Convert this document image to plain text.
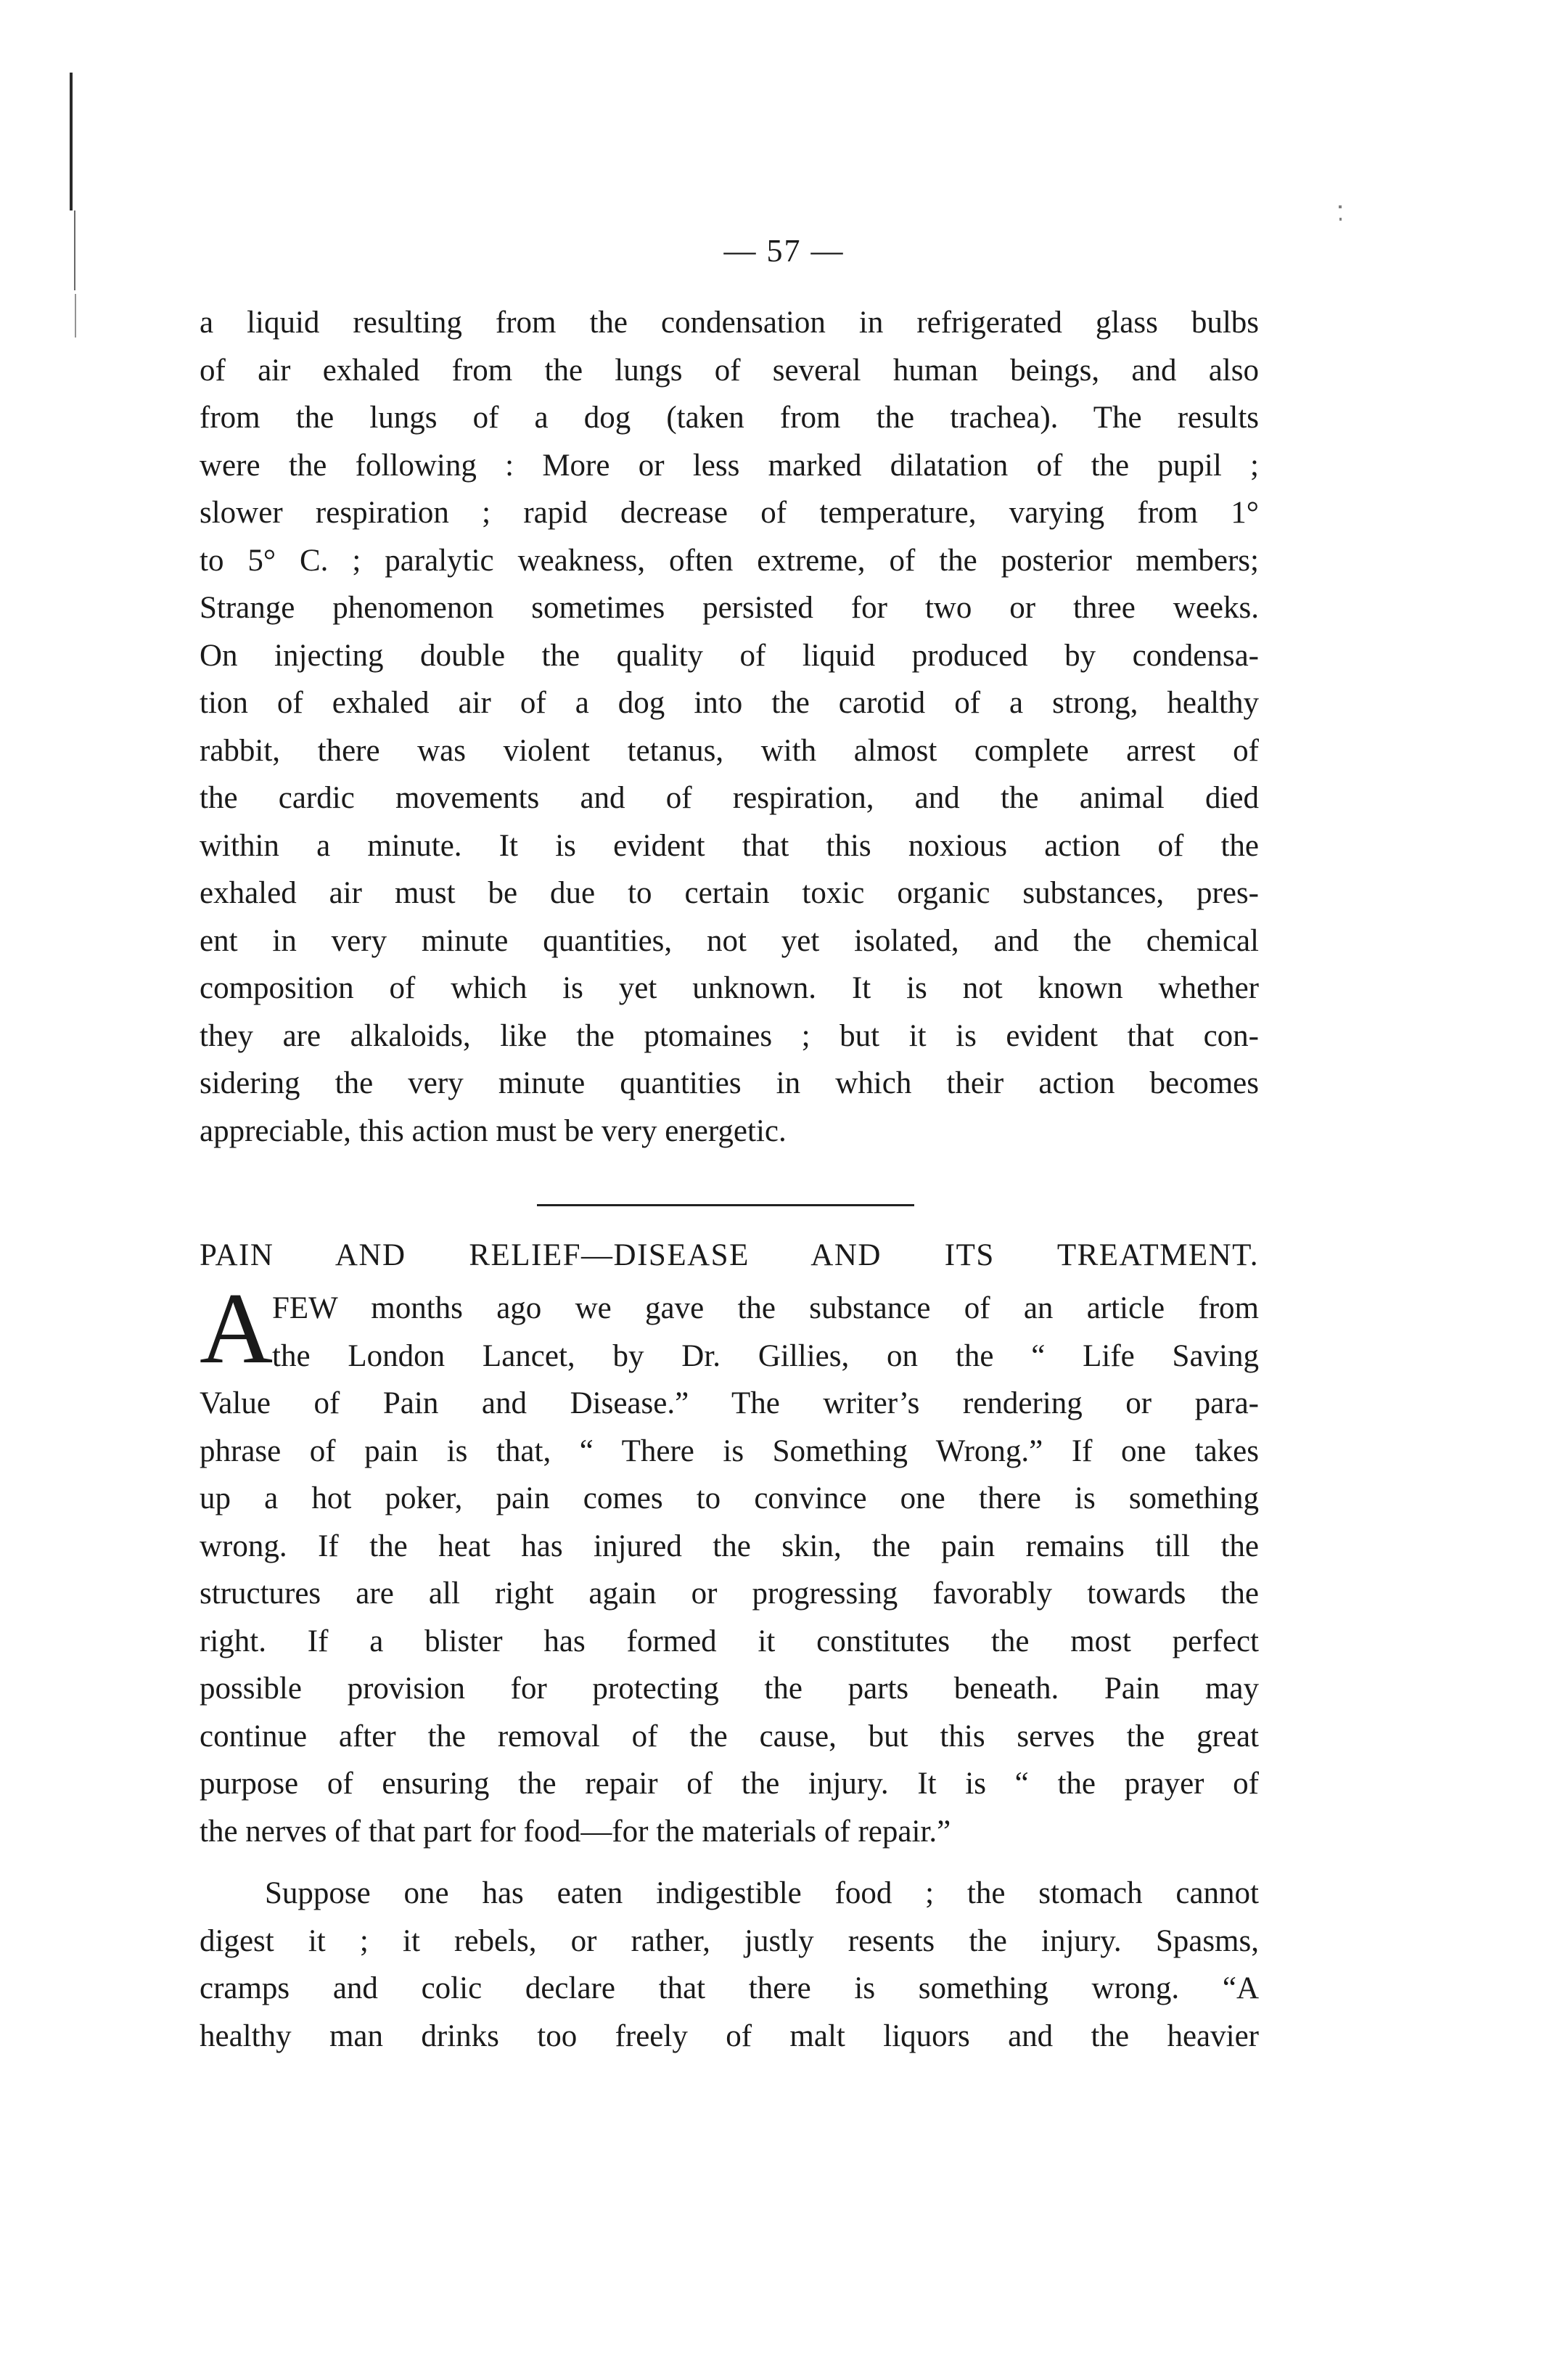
— 57 —
a liquid resulting from the condensation in refrigerated glass bulbs
of air exhaled from the lungs of several human beings, and also
from the lungs of a dog (taken from the trachea). The results
were the following : More or less marked dilatation of the pupil ;
slower respiration ; rapid decrease of temperature, varying from 1°
to 5° C. ; paralytic weakness, often extreme, of the posterior members;
Strange phenomenon sometimes persisted for two or three weeks.
On injecting double the quality of liquid produced by condensa-
tion of exhaled air of a dog into the carotid of a strong, healthy
rabbit, there was violent tetanus, with almost complete arrest of
the cardic movements and of respiration, and the animal died
within a minute. It is evident that this noxious action of the
exhaled air must be due to certain toxic organic substances, pres-
ent in very minute quantities, not yet isolated, and the chemical
composition of which is yet unknown. It is not known whether
they are alkaloids, like the ptomaines ; but it is evident that con-
sidering the very minute quantities in which their action becomes
appreciable, this action must be very energetic.
PAIN AND RELIEF—DISEASE AND ITS TREATMENT.
A
FEW months ago we gave the substance of an article from
the London Lancet, by Dr. Gillies, on the “ Life Saving
Value of Pain and Disease.” The writer’s rendering or para-
phrase of pain is that, “ There is Something Wrong.” If one takes
up a hot poker, pain comes to convince one there is something
wrong. If the heat has injured the skin, the pain remains till the
structures are all right again or progressing favorably towards the
right. If a blister has formed it constitutes the most perfect
possible provision for protecting the parts beneath. Pain may
continue after the removal of the cause, but this serves the great
purpose of ensuring the repair of the injury. It is “ the prayer of
the nerves of that part for food—for the materials of repair.”
Suppose one has eaten indigestible food ; the stomach cannot
digest it ; it rebels, or rather, justly resents the injury. Spasms,
cramps and colic declare that there is something wrong. “A
healthy man drinks too freely of malt liquors and the heavier
